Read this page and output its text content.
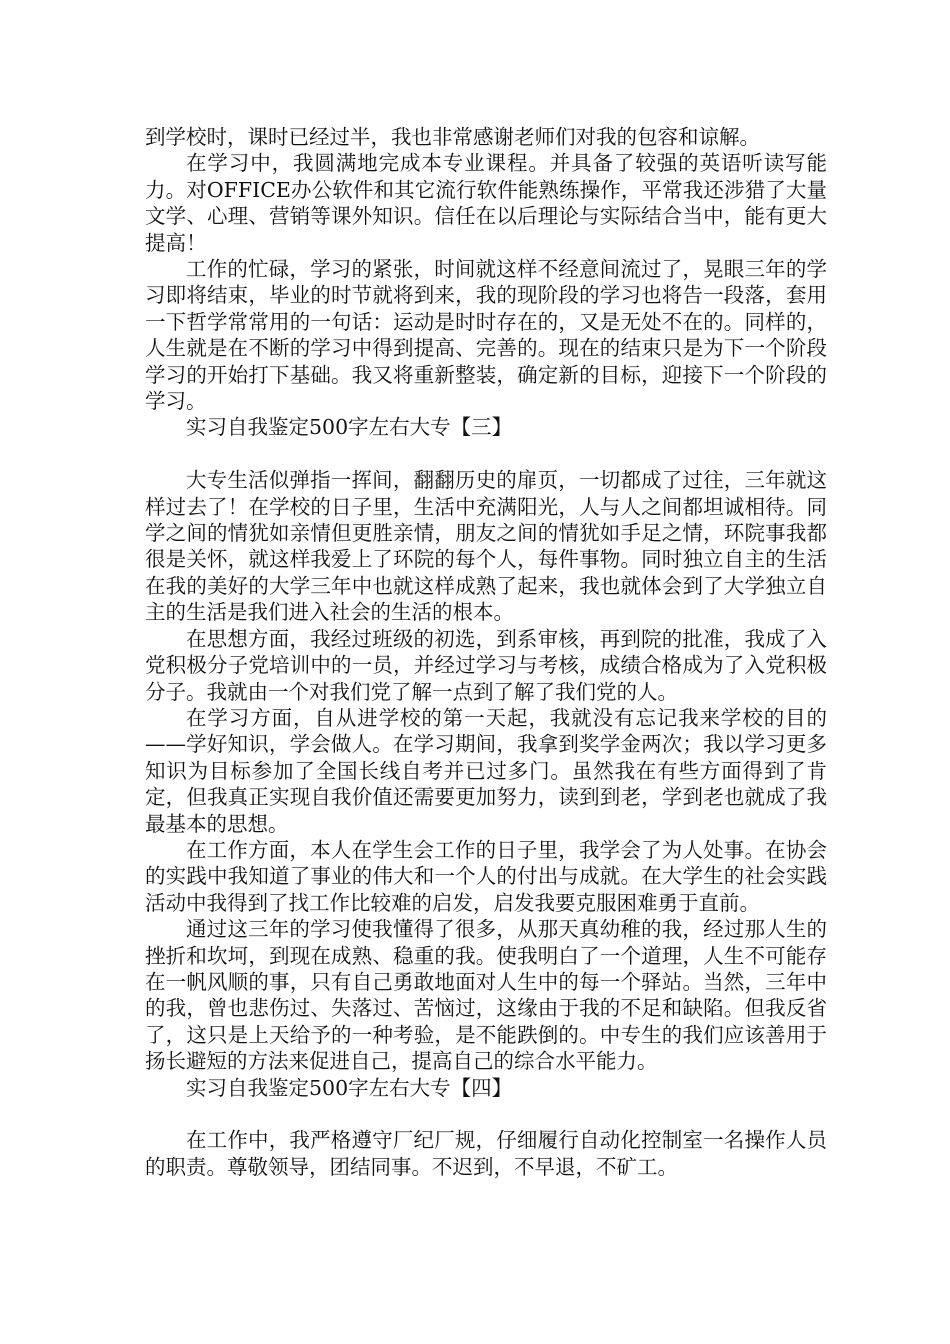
到学校时，课时已经过半，我也非常感谢老师们对我的包容和谅解。

在学习中，我圆满地完成本专业课程。并具备了较强的英语听读写能力。对OFFICE办公软件和其它流行软件能熟练操作，平常我还涉猎了大量文学、心理、营销等课外知识。信任在以后理论与实际结合当中，能有更大提高！

工作的忙碌，学习的紧张，时间就这样不经意间流过了，晃眼三年的学习即将结束，毕业的时节就将到来，我的现阶段的学习也将告一段落，套用一下哲学常常用的一句话：运动是时时存在的，又是无处不在的。同样的，人生就是在不断的学习中得到提高、完善的。现在的结束只是为下一个阶段学习的开始打下基础。我又将重新整装，确定新的目标，迎接下一个阶段的学习。

实习自我鉴定500字左右大专【三】

大专生活似弹指一挥间，翻翻历史的扉页，一切都成了过往，三年就这样过去了！在学校的日子里，生活中充满阳光，人与人之间都坦诚相待。同学之间的情犹如亲情但更胜亲情，朋友之间的情犹如手足之情，环院事我都很是关怀，就这样我爱上了环院的每个人，每件事物。同时独立自主的生活在我的美好的大学三年中也就这样成熟了起来，我也就体会到了大学独立自主的生活是我们进入社会的生活的根本。

在思想方面，我经过班级的初选，到系审核，再到院的批准，我成了入党积极分子党培训中的一员，并经过学习与考核，成绩合格成为了入党积极分子。我就由一个对我们党了解一点到了解了我们党的人。

在学习方面，自从进学校的第一天起，我就没有忘记我来学校的目的——学好知识，学会做人。在学习期间，我拿到奖学金两次；我以学习更多知识为目标参加了全国长线自考并已过多门。虽然我在有些方面得到了肯定，但我真正实现自我价值还需要更加努力，读到到老，学到老也就成了我最基本的思想。

在工作方面，本人在学生会工作的日子里，我学会了为人处事。在协会的实践中我知道了事业的伟大和一个人的付出与成就。在大学生的社会实践活动中我得到了找工作比较难的启发，启发我要克服困难勇于直前。

通过这三年的学习使我懂得了很多，从那天真幼稚的我，经过那人生的挫折和坎坷，到现在成熟、稳重的我。使我明白了一个道理，人生不可能存在一帆风顺的事，只有自己勇敢地面对人生中的每一个驿站。当然，三年中的我，曾也悲伤过、失落过、苦恼过，这缘由于我的不足和缺陷。但我反省了，这只是上天给予的一种考验，是不能跌倒的。中专生的我们应该善用于扬长避短的方法来促进自己，提高自己的综合水平能力。

实习自我鉴定500字左右大专【四】

在工作中，我严格遵守厂纪厂规，仔细履行自动化控制室一名操作人员的职责。尊敬领导，团结同事。不迟到，不早退，不矿工。
